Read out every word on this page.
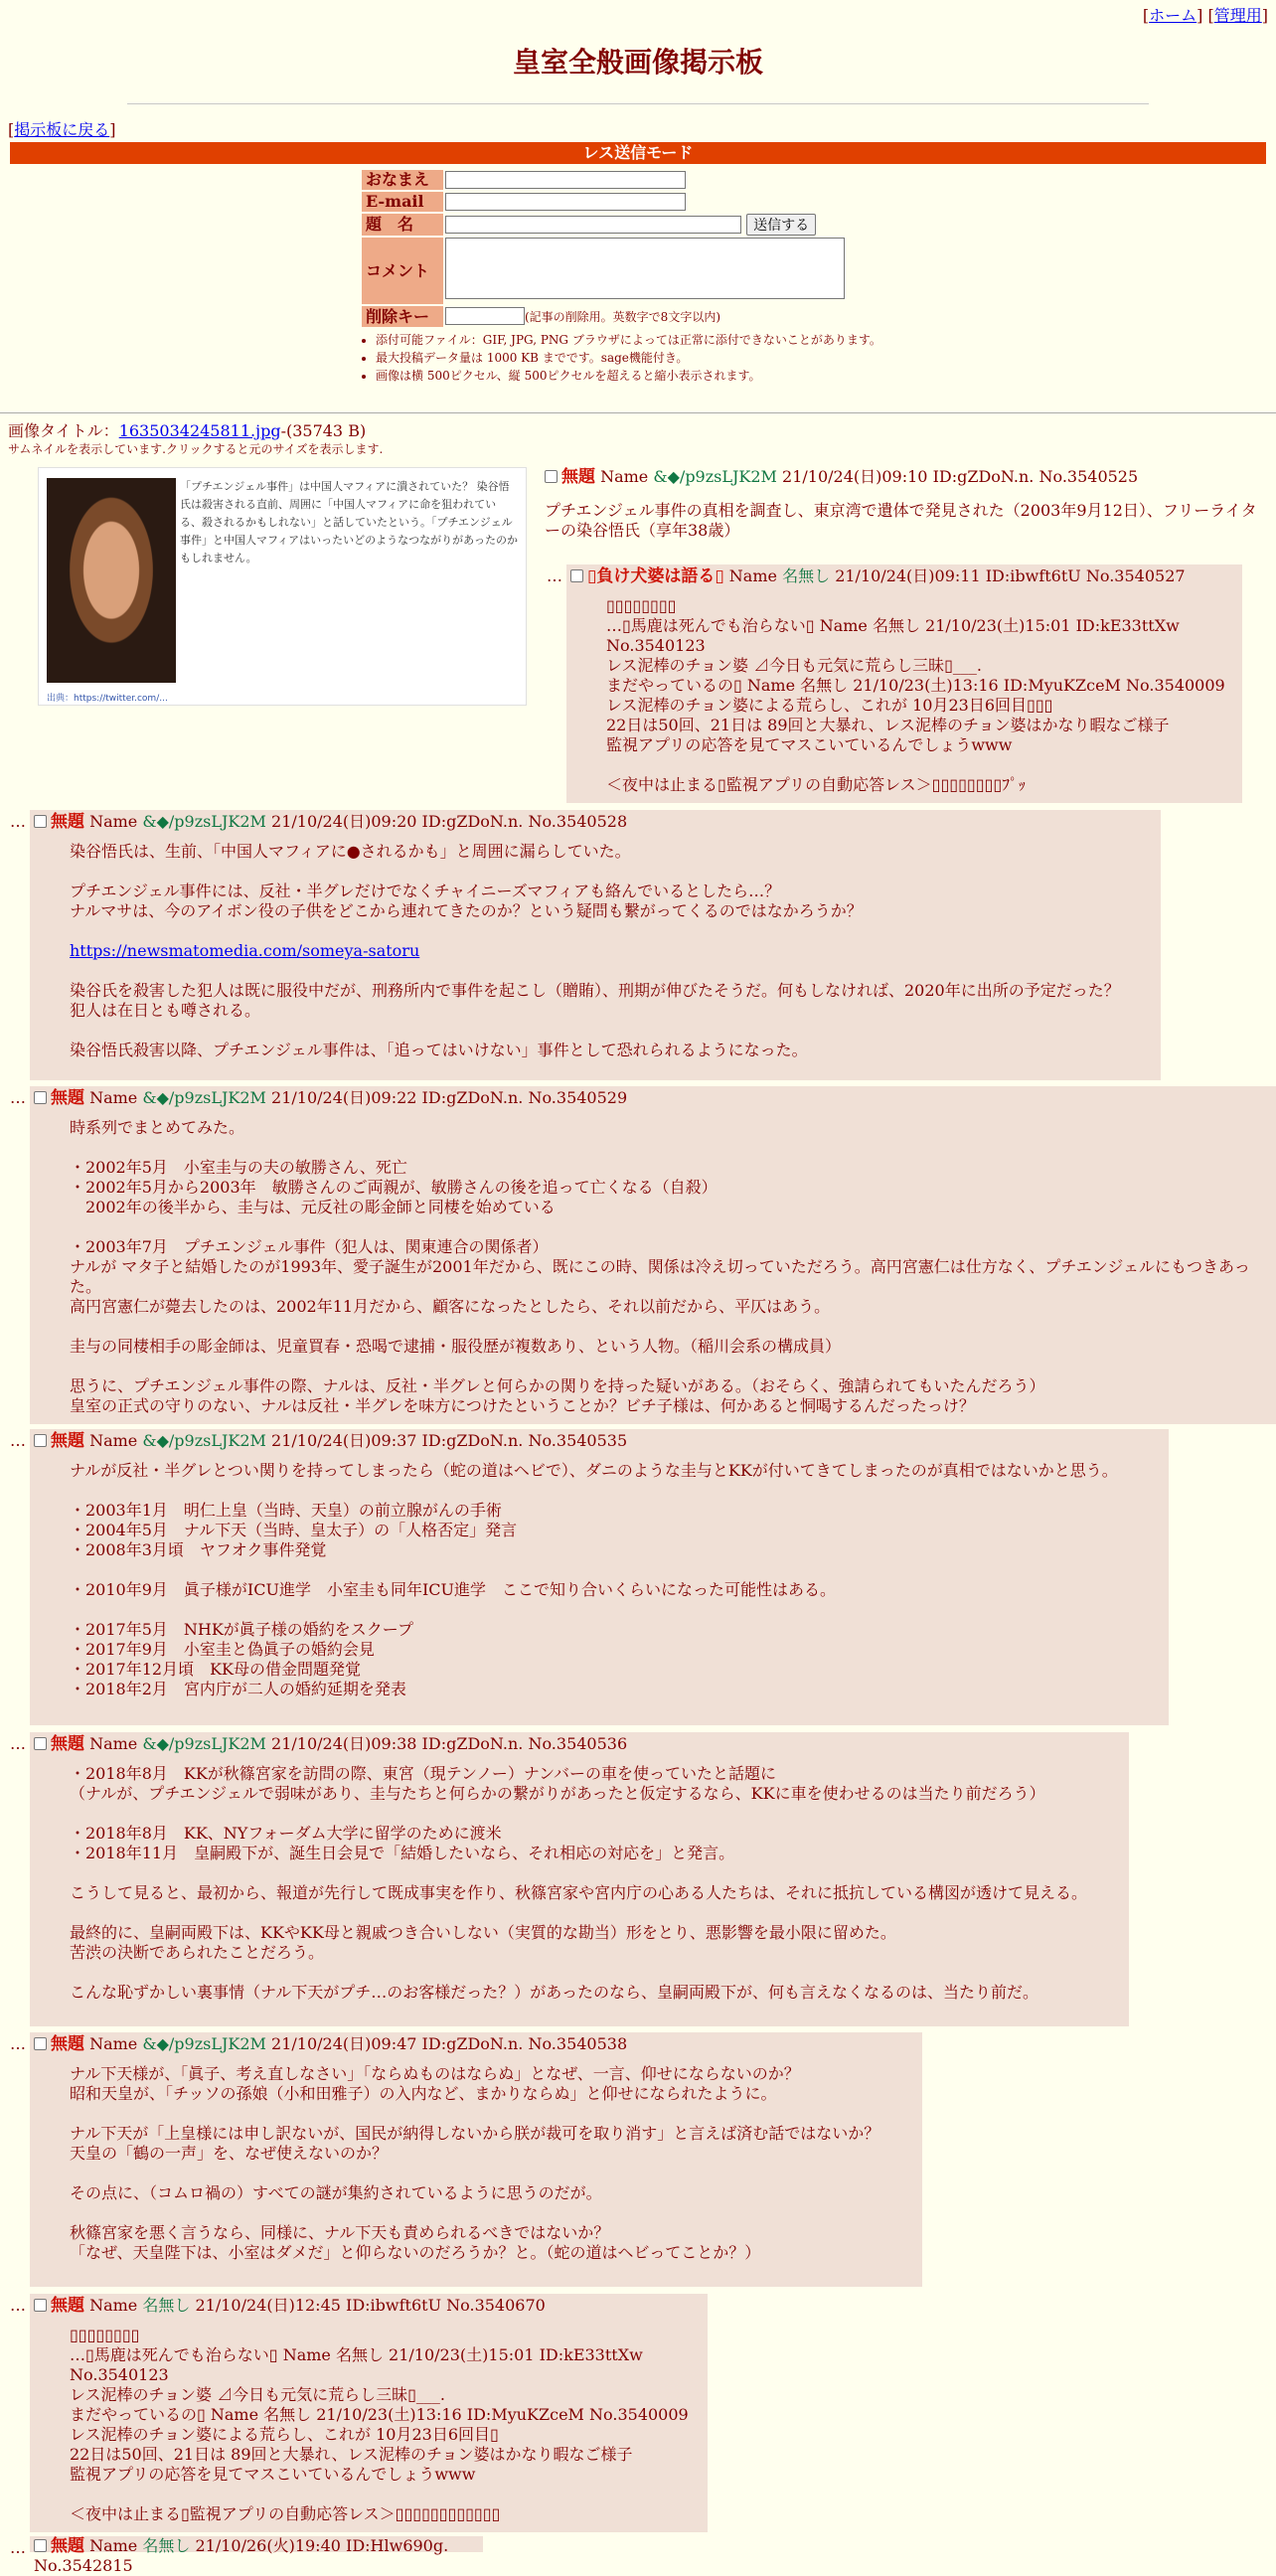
[ホーム] [管理用]
皇室全般画像掲示板
[掲示板に戻る]
レス送信モード
おなまえ	
E-mail	
題　名	送信する
コメント	
削除キー	(記事の削除用。英数字で8文字以内)
• 添付可能ファイル：GIF, JPG, PNG ブラウザによっては正常に添付できないことがあります。
• 最大投稿データ量は 1000 KB までです。sage機能付き。
• 画像は横 500ピクセル、縦 500ピクセルを超えると縮小表示されます。
画像タイトル：1635034245811.jpg-(35743 B)
サムネイルを表示しています.クリックすると元のサイズを表示します.
「プチエンジェル事件」は中国人マフィアに潰されていた？ 染谷悟氏は殺害される直前、周囲に「中国人マフィアに命を狙われている、殺されるかもしれない」と話していたという。「プチエンジェル事件」と中国人マフィアはいったいどのようなつながりがあったのかもしれません。
出典：https://twitter.com/...
無題 Name &◆/p9zsLJK2M 21/10/24(日)09:10 ID:gZDoN.n. No.3540525
プチエンジェル事件の真相を調査し、東京湾で遺体で発見された（2003年9月12日）、フリーライターの染谷悟氏（享年38歳）
…	▯負け犬婆は語る▯ Name 名無し 21/10/24(日)09:11 ID:ibwft6tU No.3540527
▯▯▯▯▯▯▯▯
…▯馬鹿は死んでも治らない▯ Name 名無し 21/10/23(土)15:01 ID:kE33ttXw No.3540123
レス泥棒のチョン婆 ⊿今日も元気に荒らし三昧▯___.
まだやっているの▯ Name 名無し 21/10/23(土)13:16 ID:MyuKZceM No.3540009
レス泥棒のチョン婆による荒らし、これが 10月23日6回目▯▯▯
22日は50回、21日は 89回と大暴れ、レス泥棒のチョン婆はかなり暇なご様子
監視アプリの応答を見てマスこいているんでしょうwww

＜夜中は止まる▯監視アプリの自動応答レス＞▯▯▯▯▯▯▯▯ﾌﾟｯ
…	無題 Name &◆/p9zsLJK2M 21/10/24(日)09:20 ID:gZDoN.n. No.3540528
染谷悟氏は、生前、「中国人マフィアに●されるかも」と周囲に漏らしていた。

プチエンジェル事件には、反社・半グレだけでなくチャイニーズマフィアも絡んでいるとしたら…？
ナルマサは、今のアイボン役の子供をどこから連れてきたのか？という疑問も繋がってくるのではなかろうか？

https://newsmatomedia.com/someya-satoru

染谷氏を殺害した犯人は既に服役中だが、刑務所内で事件を起こし（贈賄）、刑期が伸びたそうだ。何もしなければ、2020年に出所の予定だった？
犯人は在日とも噂される。

染谷悟氏殺害以降、プチエンジェル事件は、「追ってはいけない」事件として恐れられるようになった。
…	無題 Name &◆/p9zsLJK2M 21/10/24(日)09:22 ID:gZDoN.n. No.3540529
時系列でまとめてみた。

・2002年5月　小室圭与の夫の敏勝さん、死亡
・2002年5月から2003年　敏勝さんのご両親が、敏勝さんの後を追って亡くなる（自殺）
　2002年の後半から、圭与は、元反社の彫金師と同棲を始めている

・2003年7月　プチエンジェル事件（犯人は、関東連合の関係者）
ナルが マタ子と結婚したのが1993年、愛子誕生が2001年だから、既にこの時、関係は冷え切っていただろう。高円宮憲仁は仕方なく、プチエンジェルにもつきあった。
高円宮憲仁が薨去したのは、2002年11月だから、顧客になったとしたら、それ以前だから、平仄はあう。

圭与の同棲相手の彫金師は、児童買春・恐喝で逮捕・服役歴が複数あり、という人物。（稲川会系の構成員）

思うに、プチエンジェル事件の際、ナルは、反社・半グレと何らかの関りを持った疑いがある。（おそらく、強請られてもいたんだろう）
皇室の正式の守りのない、ナルは反社・半グレを味方につけたということか？ビチ子様は、何かあると恫喝するんだったっけ？
…	無題 Name &◆/p9zsLJK2M 21/10/24(日)09:37 ID:gZDoN.n. No.3540535
ナルが反社・半グレとつい関りを持ってしまったら（蛇の道はヘビで）、ダニのような圭与とKKが付いてきてしまったのが真相ではないかと思う。

・2003年1月　明仁上皇（当時、天皇）の前立腺がんの手術
・2004年5月　ナル下天（当時、皇太子）の「人格否定」発言
・2008年3月頃　ヤフオク事件発覚

・2010年9月　眞子様がICU進学　小室圭も同年ICU進学　ここで知り合いくらいになった可能性はある。

・2017年5月　NHKが眞子様の婚約をスクープ
・2017年9月　小室圭と偽眞子の婚約会見
・2017年12月頃　KK母の借金問題発覚
・2018年2月　宮内庁が二人の婚約延期を発表
…	無題 Name &◆/p9zsLJK2M 21/10/24(日)09:38 ID:gZDoN.n. No.3540536
・2018年8月　KKが秋篠宮家を訪問の際、東宮（現テンノー）ナンバーの車を使っていたと話題に
（ナルが、プチエンジェルで弱味があり、圭与たちと何らかの繋がりがあったと仮定するなら、KKに車を使わせるのは当たり前だろう）

・2018年8月　KK、NYフォーダム大学に留学のために渡米
・2018年11月　皇嗣殿下が、誕生日会見で「結婚したいなら、それ相応の対応を」と発言。

こうして見ると、最初から、報道が先行して既成事実を作り、秋篠宮家や宮内庁の心ある人たちは、それに抵抗している構図が透けて見える。

最終的に、皇嗣両殿下は、KKやKK母と親戚つき合いしない（実質的な勘当）形をとり、悪影響を最小限に留めた。
苦渋の決断であられたことだろう。

こんな恥ずかしい裏事情（ナル下天がプチ…のお客様だった？）があったのなら、皇嗣両殿下が、何も言えなくなるのは、当たり前だ。
…	無題 Name &◆/p9zsLJK2M 21/10/24(日)09:47 ID:gZDoN.n. No.3540538
ナル下天様が、「眞子、考え直しなさい」「ならぬものはならぬ」となぜ、一言、仰せにならないのか？
昭和天皇が、「チッソの孫娘（小和田雅子）の入内など、まかりならぬ」と仰せになられたように。

ナル下天が「上皇様には申し訳ないが、国民が納得しないから朕が裁可を取り消す」と言えば済む話ではないか？
天皇の「鶴の一声」を、なぜ使えないのか？

その点に、（コムロ禍の）すべての謎が集約されているように思うのだが。

秋篠宮家を悪く言うなら、同様に、ナル下天も責められるべきではないか？
「なぜ、天皇陛下は、小室はダメだ」と仰らないのだろうか？と。（蛇の道はヘビってことか？）
…	無題 Name 名無し 21/10/24(日)12:45 ID:ibwft6tU No.3540670
▯▯▯▯▯▯▯▯
…▯馬鹿は死んでも治らない▯ Name 名無し 21/10/23(土)15:01 ID:kE33ttXw No.3540123
レス泥棒のチョン婆 ⊿今日も元気に荒らし三昧▯___.
まだやっているの▯ Name 名無し 21/10/23(土)13:16 ID:MyuKZceM No.3540009
レス泥棒のチョン婆による荒らし、これが 10月23日6回目▯
22日は50回、21日は 89回と大暴れ、レス泥棒のチョン婆はかなり暇なご様子
監視アプリの応答を見てマスこいているんでしょうwww

＜夜中は止まる▯監視アプリの自動応答レス＞▯▯▯▯▯▯▯▯▯▯▯▯
…	無題 Name 名無し 21/10/26(火)19:40 ID:Hlw690g. No.3542815
